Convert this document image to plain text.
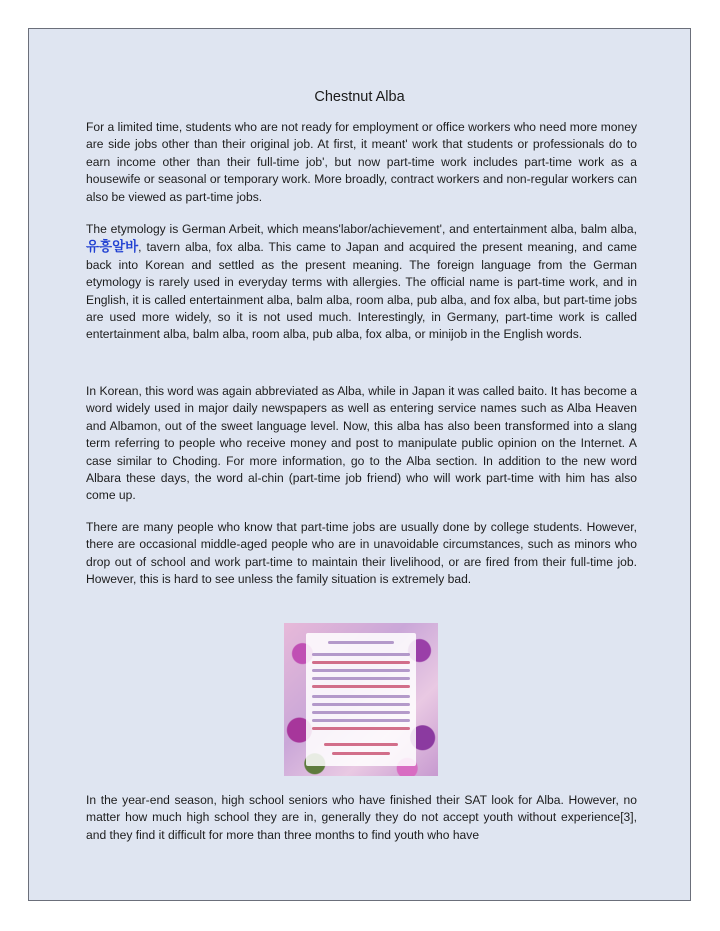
Chestnut Alba

For a limited time, students who are not ready for employment or office workers who need more money are side jobs other than their original job. At first, it meant' work that students or professionals do to earn income other than their full-time job', but now part-time work includes part-time work as a housewife or seasonal or temporary work. More broadly, contract workers and non-regular workers can also be viewed as part-time jobs.

The etymology is German Arbeit, which means'labor/achievement', and entertainment alba, balm alba, 유흥알바, tavern alba, fox alba. This came to Japan and acquired the present meaning, and came back into Korean and settled as the present meaning. The foreign language from the German etymology is rarely used in everyday terms with allergies. The official name is part-time work, and in English, it is called entertainment alba, balm alba, room alba, pub alba, and fox alba, but part-time jobs are used more widely, so it is not used much. Interestingly, in Germany, part-time work is called entertainment alba, balm alba, room alba, pub alba, fox alba, or minijob in the English words.

In Korean, this word was again abbreviated as Alba, while in Japan it was called baito. It has become a word widely used in major daily newspapers as well as entering service names such as Alba Heaven and Albamon, out of the sweet language level. Now, this alba has also been transformed into a slang term referring to people who receive money and post to manipulate public opinion on the Internet. A case similar to Choding. For more information, go to the Alba section. In addition to the new word Albara these days, the word al-chin (part-time job friend) who will work part-time with him has also come up.

There are many people who know that part-time jobs are usually done by college students. However, there are occasional middle-aged people who are in unavoidable circumstances, such as minors who drop out of school and work part-time to maintain their livelihood, or are fired from their full-time job. However, this is hard to see unless the family situation is extremely bad.

In the year-end season, high school seniors who have finished their SAT look for Alba. However, no matter how much high school they are in, generally they do not accept youth without experience[3], and they find it difficult for more than three months to find youth who have
